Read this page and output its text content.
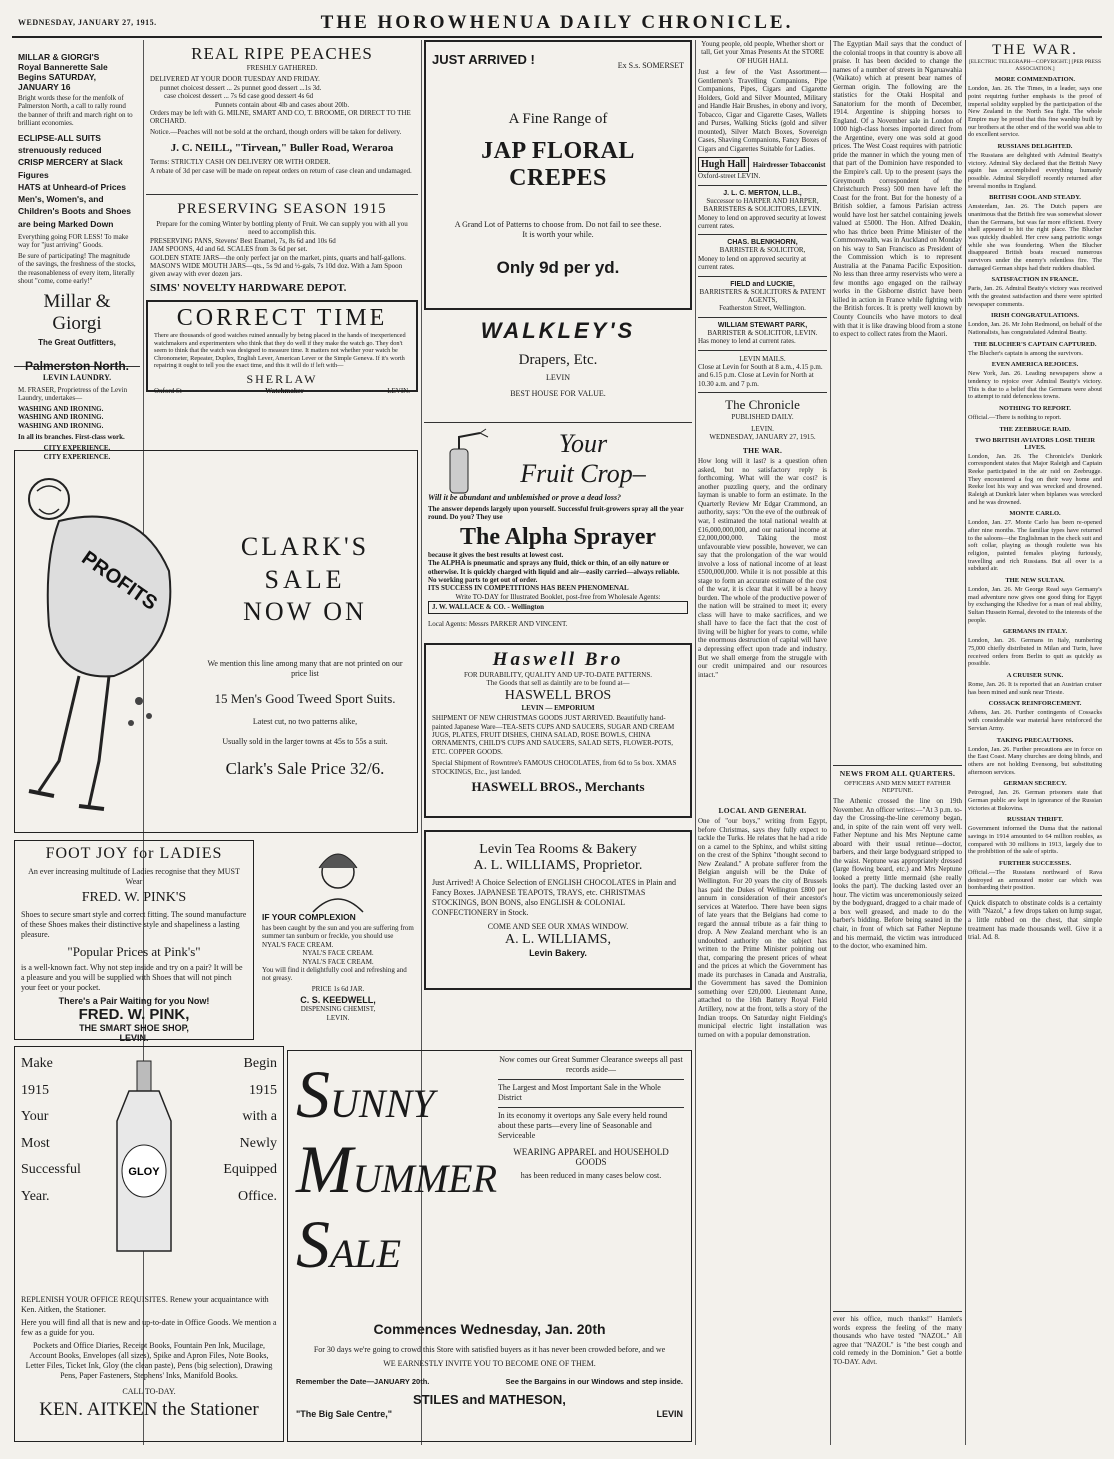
WEDNESDAY, JANUARY 27, 1915.	THE HOROWHENUA DAILY CHRONICLE.
MILLAR & GIORGI'S
Royal Bannerette Sale
Begins SATURDAY, JANUARY 16
Bright words these for the menfolk of Palmerston North, a call to rally round the banner of thrift and march right on to brilliant economies.
ECLIPSE-ALL SUITS strenuously reduced
CRISP MERCERY at Slack Figures
HATS at Unheard-of Prices
Men's, Women's, and Children's Boots and Shoes are being Marked Down
Everything going FOR LESS! To make way for "just arriving" Goods.
Be sure of participating! The magnitude of the savings, the freshness of the stocks, the reasonableness of every item, literally shout "come, come early!"
Millar & Giorgi
The Great Outfitters,
Palmerston North.
LEVIN LAUNDRY.
M. FRASER, Proprietress of the Levin Laundry, undertakes—
WASHING AND IRONING.
WASHING AND IRONING.
WASHING AND IRONING.
In all its branches. First-class work.
CITY EXPERIENCE.
CITY EXPERIENCE.
REAL RIPE PEACHES
FRESHLY GATHERED.
DELIVERED AT YOUR DOOR TUESDAY AND FRIDAY.
punnet choicest dessert ... 2s punnet good dessert ...1s 3d.
case choicest dessert ... 7s 6d case good dessert 4s 6d
Punnets contain about 4lb and cases about 20lb.
Orders may be left with G. MILNE, SMART AND CO, T. BROOME, OR DIRECT TO THE ORCHARD.
Notice.—Peaches will not be sold at the orchard, though orders will be taken for delivery.
J. C. NEILL, "Tirvean," Buller Road, Weraroa
Terms: STRICTLY CASH ON DELIVERY OR WITH ORDER.
A rebate of 3d per case will be made on repeat orders on return of case clean and undamaged.
PRESERVING SEASON 1915
Prepare for the coming Winter by bottling plenty of Fruit. We can supply you with all you need to accomplish this.
PRESERVING PANS, Stevens' Best Enamel, 7s, 8s 6d and 10s 6d
JAM SPOONS, 4d and 6d. SCALES from 3s 6d per set.
GOLDEN STATE JARS—the only perfect jar on the market, pints, quarts and half-gallons.
MASON'S WIDE MOUTH JARS—qts., 5s 9d and ½-gals, 7s 10d doz. With a Jam Spoon given away with ever dozen jars.
SIMS' NOVELTY HARDWARE DEPOT.
CORRECT TIME
There are thousands of good watches ruined annually by being placed in the hands of inexperienced watchmakers and experimenters who think that they do well if they make the watch go. They don't seem to think that the watch was designed to measure time. It matters not whether your watch be Chronometer, Repeater, Duplex, English Lever, American Lever or the Simple Geneva. If it's worth repairing it ought to tell you the exact time, and this it will do if left with—
SHERLAW
Oxford St	Watchmaker	LEVIN.
PROFITS
CLARK'S
SALE
NOW ON
We mention this line among many that are not printed on our price list
15 Men's Good Tweed Sport Suits.
Latest cut, no two patterns alike,
Usually sold in the larger towns at 45s to 55s a suit.
Clark's Sale Price 32/6.
FOOT JOY for LADIES
An ever increasing multitude of Ladies recognise that they MUST Wear
FRED. W. PINK'S
Shoes to secure smart style and correct fitting. The sound manufacture of these Shoes makes their distinctive style and shapeliness a lasting pleasure.
"Popular Prices at Pink's"
is a well-known fact. Why not step inside and try on a pair? It will be a pleasure and you will be supplied with Shoes that will not pinch your feet or your pocket.
There's a Pair Waiting for you Now!
FRED. W. PINK,
THE SMART SHOE SHOP,
LEVIN.
IF YOUR COMPLEXION
has been caught by the sun and you are suffering from summer tan sunburn or freckle, you should use NYAL'S FACE CREAM.
NYAL'S FACE CREAM.
NYAL'S FACE CREAM.
You will find it delightfully cool and refreshing and not greasy.
PRICE 1s 6d JAR.
C. S. KEEDWELL,
DISPENSING CHEMIST,
LEVIN.
Make
1915
Your
Most
Successful
Year.
GLOY
Begin
1915
with a
Newly
Equipped
Office.
REPLENISH YOUR OFFICE REQUISITES. Renew your acquaintance with Ken. Aitken, the Stationer.
Here you will find all that is new and up-to-date in Office Goods. We mention a few as a guide for you.
Pockets and Office Diaries, Receipt Books, Fountain Pen Ink, Mucilage, Account Books, Envelopes (all sizes), Spike and Apron Files, Note Books, Letter Files, Ticket Ink, Gloy (the clean paste), Pens (big selection), Drawing Pens, Paper Fasteners, Stephens' Inks, Manifold Books.
CALL TO-DAY.
KEN. AITKEN the Stationer
JUST ARRIVED !	Ex S.s. SOMERSET
A Fine Range of
JAP FLORAL CREPES
A Grand Lot of Patterns to choose from. Do not fail to see these. It is worth your while.
Only 9d per yd.
WALKLEY'S
Drapers, Etc.
LEVIN
BEST HOUSE FOR VALUE.
Your
Fruit Crop–
Will it be abundant and unblemished or prove a dead loss?
The answer depends largely upon yourself. Successful fruit-growers spray all the year round. Do you? They use
The Alpha Sprayer
because it gives the best results at lowest cost.
The ALPHA is pneumatic and sprays any fluid, thick or thin, of an oily nature or otherwise. It is quickly charged with liquid and air—easily carried—always reliable. No working parts to get out of order.
ITS SUCCESS IN COMPETITIONS HAS BEEN PHENOMENAL
Write TO-DAY for Illustrated Booklet, post-free from Wholesale Agents:
J. W. WALLACE & CO. - Wellington
Local Agents: Messrs PARKER AND VINCENT.
Haswell Bro
FOR DURABILITY, QUALITY AND UP-TO-DATE PATTERNS.
The Goods that sell as daintily are to be found at—
HASWELL BROS
LEVIN — EMPORIUM
SHIPMENT OF NEW CHRISTMAS GOODS JUST ARRIVED. Beautifully hand-painted Japanese Ware—TEA-SETS CUPS AND SAUCERS, SUGAR AND CREAM JUGS, PLATES, FRUIT DISHES, CHINA SALAD, ROSE BOWLS, CHINA ORNAMENTS, CHILD'S CUPS AND SAUCERS, SALAD SETS, FLOWER-POTS, ETC. COPPER GOODS.
Special Shipment of Rowntree's FAMOUS CHOCOLATES, from 6d to 5s box. XMAS STOCKINGS, Etc., just landed.
HASWELL BROS., Merchants
Levin Tea Rooms & Bakery
A. L. WILLIAMS, Proprietor.
Just Arrived! A Choice Selection of ENGLISH CHOCOLATES in Plain and Fancy Boxes. JAPANESE TEAPOTS, TRAYS, etc. CHRISTMAS STOCKINGS, BON BONS, also ENGLISH & COLONIAL CONFECTIONERY in Stock.
COME AND SEE OUR XMAS WINDOW.
A. L. WILLIAMS,
Levin Bakery.
SUNNY
MUMMER
SALE
Now comes our Great Summer Clearance sweeps all past records aside—
The Largest and Most Important Sale in the Whole District
In its economy it overtops any Sale every held round about these parts—every line of Seasonable and Serviceable
WEARING APPAREL and HOUSEHOLD GOODS
has been reduced in many cases below cost.
Commences Wednesday, Jan. 20th
For 30 days we're going to crowd this Store with satisfied buyers as it has never been crowded before, and we
WE EARNESTLY INVITE YOU TO BECOME ONE OF THEM.
Remember the Date—JANUARY 20th.	See the Bargains in our Windows and step inside.
STILES and MATHESON,
"The Big Sale Centre,"	LEVIN
Young people, old people, Whether short or tall, Get your Xmas Presents At the STORE OF HUGH HALL
Just a few of the Vast Assortment— Gentlemen's Travelling Companions, Pipe Companions, Pipes, Cigars and Cigarette Holders, Gold and Silver Mounted, Military and Handle Hair Brushes, in ebony and ivory, Tobacco, Cigar and Cigarette Cases, Wallets and Purses, Walking Sticks (gold and silver mounted), Silver Match Boxes, Sovereign Cases, Shaving Companions, Fancy Boxes of Cigars and Cigarettes Suitable for Ladies.
Hugh Hall	Hairdresser Tobacconist
Oxford-street LEVIN.
J. L. C. MERTON, LL.B.,
Successor to HARPER AND HARPER, BARRISTERS & SOLICITORS, LEVIN.
Money to lend on approved security at lowest current rates.
CHAS. BLENKHORN,
BARRISTER & SOLICITOR,
Money to lend on approved security at current rates.
FIELD and LUCKIE,
BARRISTERS & SOLICITORS & PATENT AGENTS,
Featherston Street, Wellington.
WILLIAM STEWART PARK,
BARRISTER & SOLICITOR, LEVIN.
Has money to lend at current rates.
LEVIN MAILS.
Close at Levin for South at 8 a.m., 4.15 p.m. and 6.15 p.m. Close at Levin for North at 10.30 a.m. and 7 p.m.
The Chronicle
PUBLISHED DAILY.
LEVIN.
WEDNESDAY, JANUARY 27, 1915.
THE WAR.
How long will it last? is a question often asked, but no satisfactory reply is forthcoming. What will the war cost? is another puzzling query, and the ordinary layman is unable to form an estimate. In the Quarterly Review Mr Edgar Crammond, an authority, says: "On the eve of the outbreak of war, I estimated the total national wealth at £16,000,000,000, and our national income at £2,000,000,000. Taking the most unfavourable view possible, however, we can say that the prolongation of the war would involve a loss of national income of at least £500,000,000. While it is not possible at this stage to form an accurate estimate of the cost of the war, it is clear that it will be a heavy burden. The whole of the productive power of the nation will be strained to meet it; every class will have to make sacrifices, and we shall have to face the fact that the cost of living will be higher for years to come, while the enormous destruction of capital will have a depressing effect upon trade and industry. But we shall emerge from the struggle with our credit unimpaired and our resources intact."
LOCAL AND GENERAL
One of "our boys," writing from Egypt, before Christmas, says they fully expect to tackle the Turks. He relates that he had a ride on a camel to the Sphinx, and whilst sitting on the crest of the Sphinx "thought second to New Zealand." A probate sufferer from the Belgian anguish will be the Duke of Wellington. For 20 years the city of Brussels has paid the Dukes of Wellington £800 per annum in consideration of their ancestor's services at Waterloo. There have been signs of late years that the Belgians had come to regard the annual tribute as a fair thing to drop. A New Zealand merchant who is an undoubted authority on the subject has written to the Prime Minister pointing out that, comparing the present prices of wheat and the prices at which the Government has made its purchases in Canada and Australia, the Government has saved the Dominion something over £20,000. Lieutenant Anne, attached to the 16th Battery Royal Field Artillery, now at the front, tells a story of the Indian troops. On Saturday night Fielding's municipal electric light installation was turned on with a popular demonstration.
The Egyptian Mail says that the conduct of the colonial troops in that country is above all praise. It has been decided to change the names of a number of streets in Ngaruawahia (Waikato) which at present bear names of German origin. The following are the statistics for the Otaki Hospital and Sanatorium for the month of December, 1914. Argentine is shipping horses to England. Of a November sale in London of 1000 high-class horses imported direct from the Argentine, every one was sold at good prices. The West Coast requires with patriotic pride the manner in which the young men of that part of the Dominion have responded to the Empire's call. Up to the present (says the Greymouth correspondent of the Christchurch Press) 500 men have left the Coast for the front. But for the honesty of a British soldier, a famous Parisian actress would have lost her satchel containing jewels valued at £5000. The Hon. Alfred Deakin, who has thrice been Prime Minister of the Commonwealth, was in Auckland on Monday on his way to San Francisco as President of the Commission which is to represent Australia at the Panama Pacific Exposition. No less than three army reservists who were a few months ago engaged on the railway works in the Gisborne district have been killed in action in France while fighting with the British forces. It is pretty well known by County Councils who have motors to deal with that it is like drawing blood from a stone to expect to collect rates from the Maori.
NEWS FROM ALL QUARTERS.
OFFICERS AND MEN MEET FATHER NEPTUNE.
The Athenic crossed the line on 19th November. An officer writes:—"At 3 p.m. to-day the Crossing-the-line ceremony began, and, in spite of the rain went off very well. Father Neptune and his Mrs Neptune came aboard with their usual retinue—doctor, barbers, and their large bodyguard stripped to the waist. Neptune was appropriately dressed (large flowing beard, etc.) and Mrs Neptune looked a pretty little mermaid (she really looks the part). The ducking lasted over an hour. The victim was unceremoniously seized by the bodyguard, dragged to a chair made of a box well greased, and made to do the barber's bidding. Before being seated in the chair, in front of which sat Father Neptune and his mermaid, the victim was introduced to the doctor, who examined him.
ever his office, much thanks!" Hamlet's words express the feeling of the many thousands who have tested "NAZOL." All agree that "NAZOL" is "the best cough and cold remedy in the Dominion." Get a bottle TO-DAY. Advt.
THE WAR.
[ELECTRIC TELEGRAPH—COPYRIGHT.] [PER PRESS ASSOCIATION.]
MORE COMMENDATION.
London, Jan. 26. The Times, in a leader, says one point requiring further emphasis is the proof of imperial solidity supplied by the participation of the New Zealand in the North Sea fight. The whole Empire may be proud that this fine warship built by our brothers at the other end of the world was able to do excellent service.
RUSSIANS DELIGHTED.
The Russians are delighted with Admiral Beatty's victory. Admiral Sky declared that the British Navy again has accomplished everything humanly possible. Admiral Skrydloff recently returned after several months in England.
BRITISH COOL AND STEADY.
Amsterdam, Jan. 26. The Dutch papers are unanimous that the British fire was somewhat slower than the Germans, but was far more efficient. Every shell appeared to hit the right place. The Blucher was quickly disabled. Her crew sang patriotic songs while she was foundering. When the Blucher disappeared British boats rescued numerous survivors under the enemy's relentless fire. The damaged German ships had their rudders disabled.
SATISFACTION IN FRANCE.
Paris, Jan. 26. Admiral Beatty's victory was received with the greatest satisfaction and there were spirited newspaper comments.
IRISH CONGRATULATIONS.
London, Jan. 26. Mr John Redmond, on behalf of the Nationalists, has congratulated Admiral Beatty.
THE BLUCHER'S CAPTAIN CAPTURED.
The Blucher's captain is among the survivors.
EVEN AMERICA REJOICES.
New York, Jan. 26. Leading newspapers show a tendency to rejoice over Admiral Beatty's victory. This is due to a belief that the Germans were about to attempt to raid defenceless towns.
NOTHING TO REPORT.
Official.—There is nothing to report.
THE ZEEBRUGE RAID.
TWO BRITISH AVIATORS LOSE THEIR LIVES.
London, Jan. 26. The Chronicle's Dunkirk correspondent states that Major Raleigh and Captain Reeke participated in the air raid on Zeebrugge. They encountered a fog on their way home and Reeke lost his way and was wrecked and drowned. Raleigh at Dunkirk later when biplanes was wrecked and he was drowned.
MONTE CARLO.
London, Jan. 27. Monte Carlo has been re-opened after nine months. The familiar types have returned to the saloons—the Englishman in the check suit and soft collar, playing as though roulette was his religion, painted females playing furiously, travelling and rich Russians. But all over is a subdued air.
THE NEW SULTAN.
London, Jan. 26. Mr George Read says Germany's mad adventure now gives one good thing for Egypt by exchanging the Khedive for a man of real ability, Sultan Hussein Kemal, devoted to the interests of the people.
GERMANS IN ITALY.
London, Jan. 26. Germans in Italy, numbering 75,000 chiefly distributed in Milan and Turin, have received orders from Berlin to quit as quickly as possible.
A CRUISER SUNK.
Rome, Jan. 26. It is reported that an Austrian cruiser has been mined and sunk near Trieste.
COSSACK REINFORCEMENT.
Athens, Jan. 26. Further contingents of Cossacks with considerable war material have reinforced the Servian Army.
TAKING PRECAUTIONS.
London, Jan. 26. Further precautions are in force on the East Coast. Many churches are doing blinds, and others are not holding Evensong, but substituting afternoon services.
GERMAN SECRECY.
Petrograd, Jan. 26. German prisoners state that German public are kept in ignorance of the Russian victories at Bukovina.
RUSSIAN THRIFT.
Government informed the Duma that the national savings in 1914 amounted to 64 million roubles, as compared with 30 millions in 1913, largely due to the prohibition of the sale of spirits.
FURTHER SUCCESSES.
Official.—The Russians northward of Rava destroyed an armoured motor car which was bombarding their position.
Quick dispatch to obstinate colds is a certainty with "Nazol," a few drops taken on lump sugar, a little rubbed on the chest, that simple treatment has made thousands well. Give it a trial. Ad. 8.
